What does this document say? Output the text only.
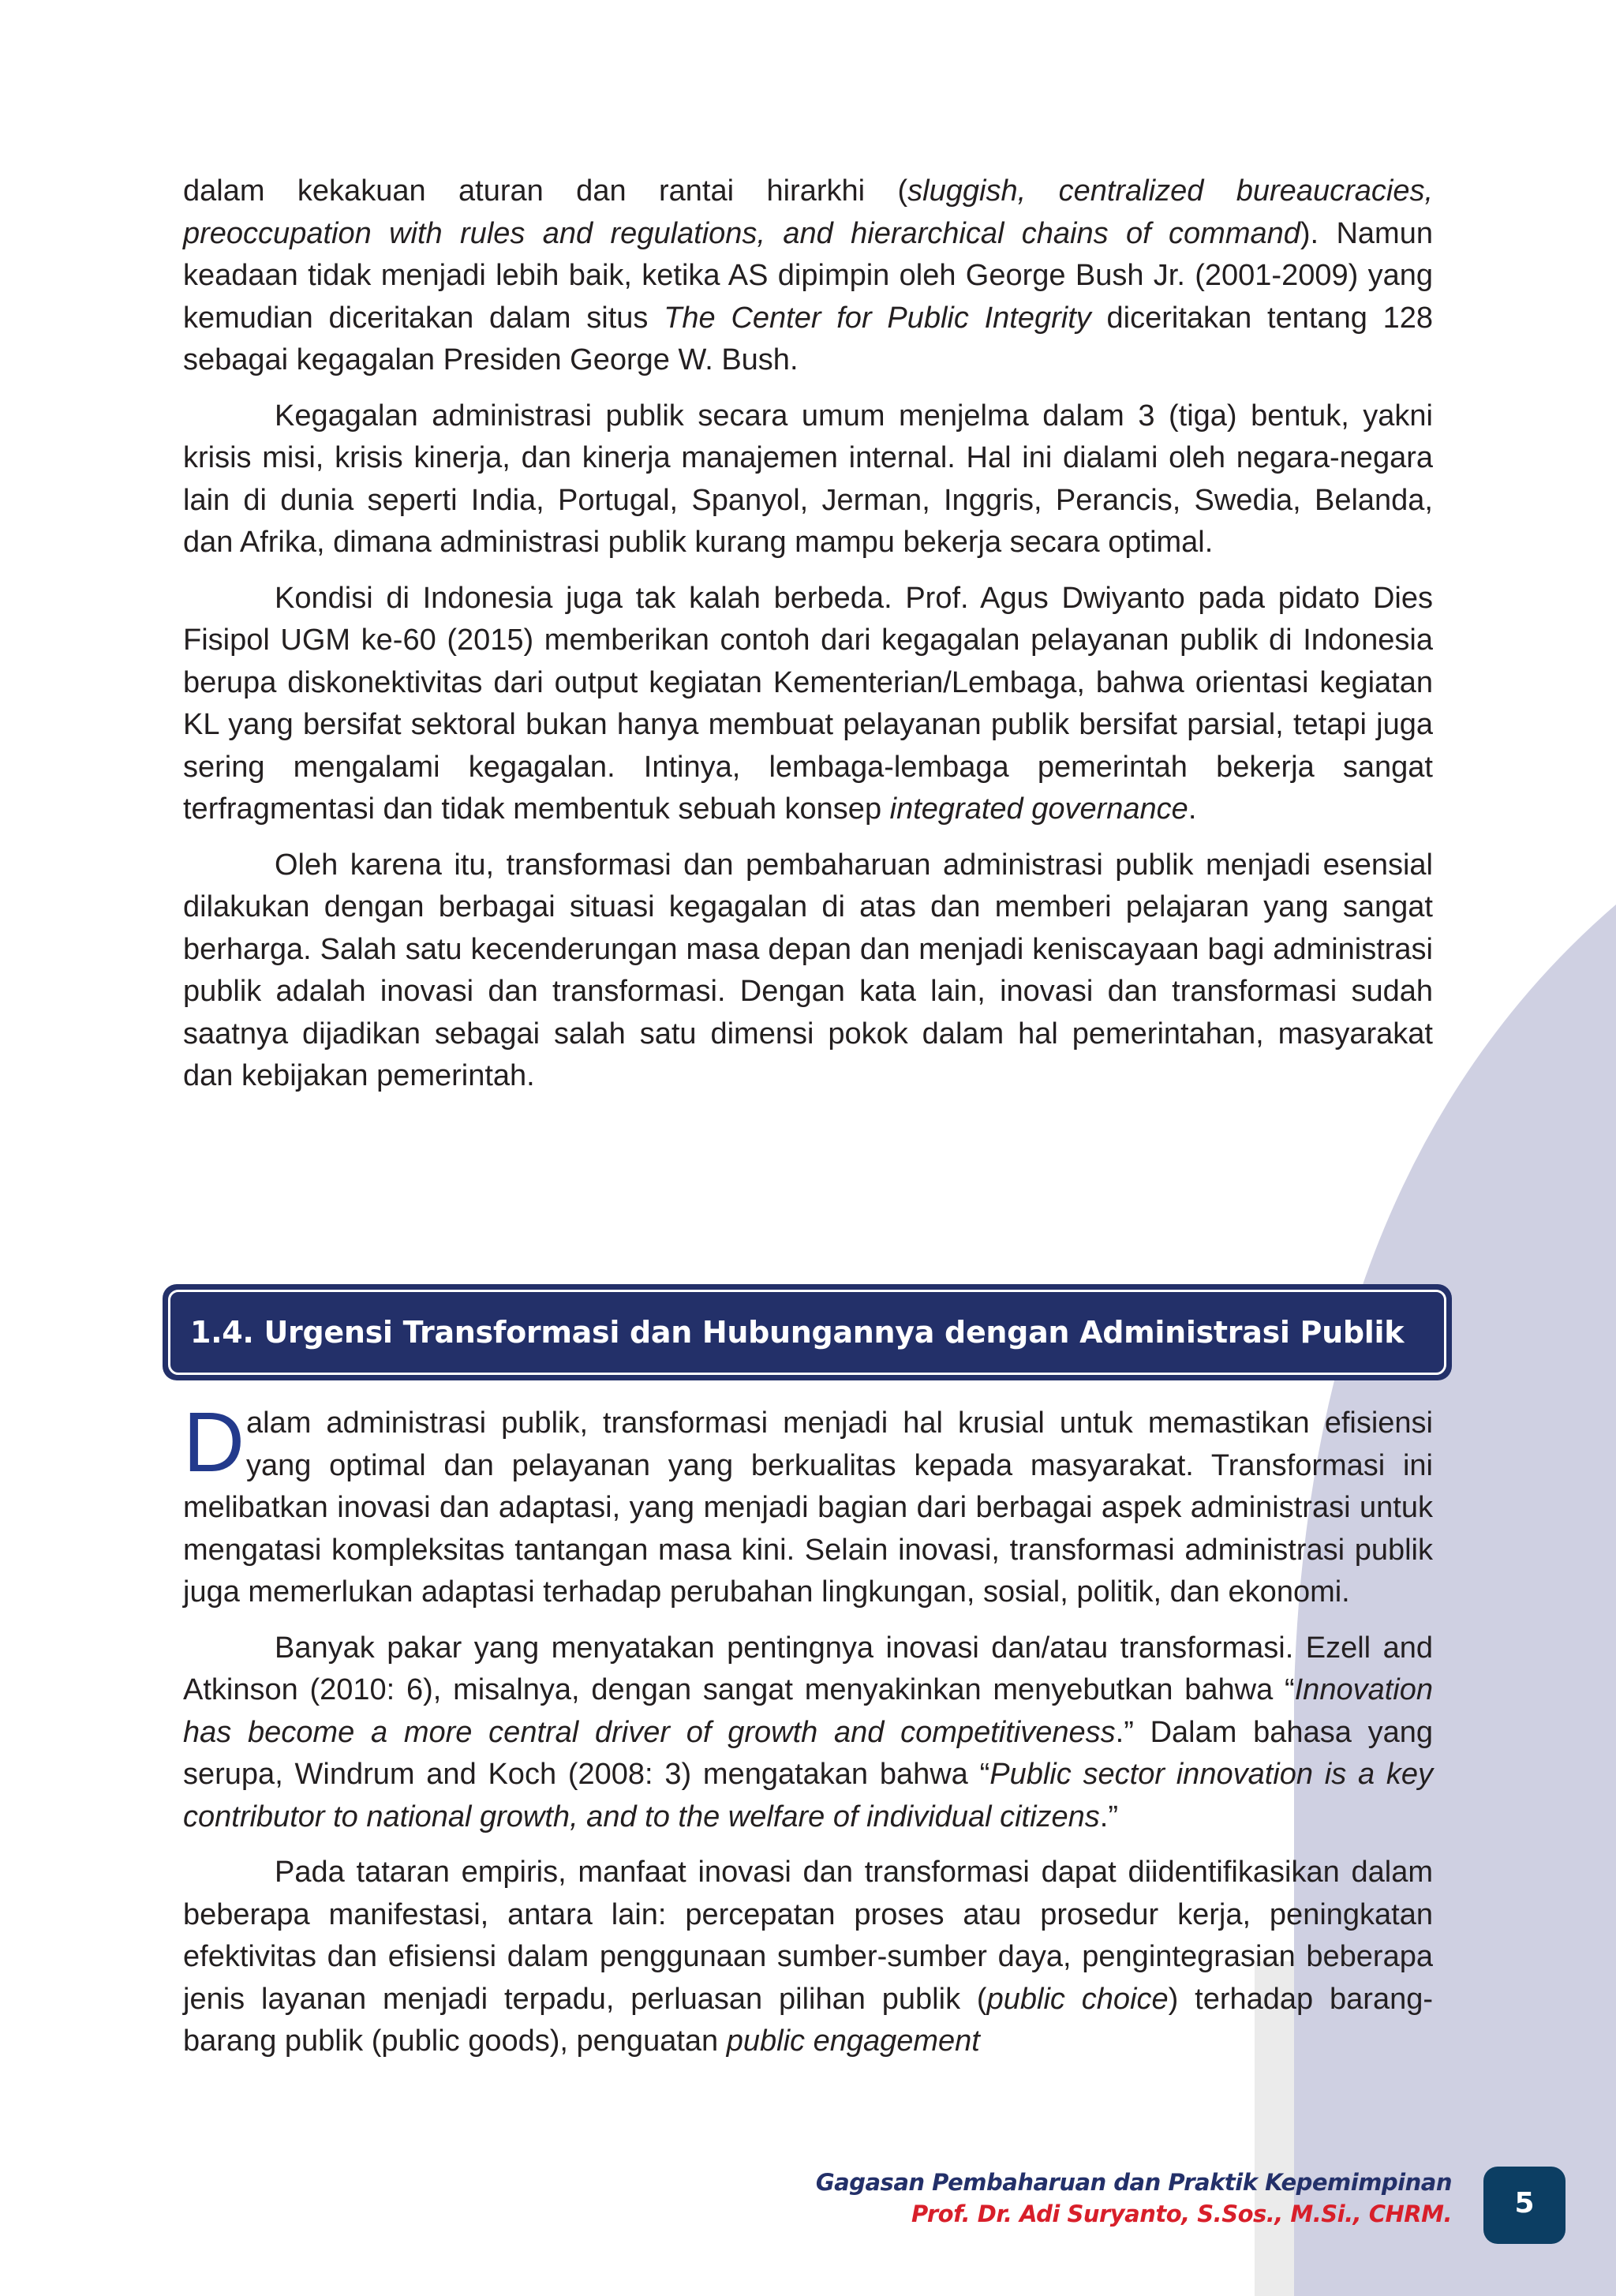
dalam kekakuan aturan dan rantai hirarkhi (sluggish, centralized bureaucracies, preoccupation with rules and regulations, and hierarchical chains of command). Namun keadaan tidak menjadi lebih baik, ketika AS dipimpin oleh George Bush Jr. (2001-2009) yang kemudian diceritakan dalam situs The Center for Public Integrity diceritakan tentang 128 sebagai kegagalan Presiden George W. Bush.

Kegagalan administrasi publik secara umum menjelma dalam 3 (tiga) bentuk, yakni krisis misi, krisis kinerja, dan kinerja manajemen internal. Hal ini dialami oleh negara-negara lain di dunia seperti India, Portugal, Spanyol, Jerman, Inggris, Perancis, Swedia, Belanda, dan Afrika, dimana administrasi publik kurang mampu bekerja secara optimal.

Kondisi di Indonesia juga tak kalah berbeda. Prof. Agus Dwiyanto pada pidato Dies Fisipol UGM ke-60 (2015) memberikan contoh dari kegagalan pelayanan publik di Indonesia berupa diskonektivitas dari output kegiatan Kementerian/Lembaga, bahwa orientasi kegiatan KL yang bersifat sektoral bukan hanya membuat pelayanan publik bersifat parsial, tetapi juga sering mengalami kegagalan. Intinya, lembaga-lembaga pemerintah bekerja sangat terfragmentasi dan tidak membentuk sebuah konsep integrated governance.

Oleh karena itu, transformasi dan pembaharuan administrasi publik menjadi esensial dilakukan dengan berbagai situasi kegagalan di atas dan memberi pelajaran yang sangat berharga. Salah satu kecenderungan masa depan dan menjadi keniscayaan bagi administrasi publik adalah inovasi dan transformasi. Dengan kata lain, inovasi dan transformasi sudah saatnya dijadikan sebagai salah satu dimensi pokok dalam hal pemerintahan, masyarakat dan kebijakan pemerintah.

1.4. Urgensi Transformasi dan Hubungannya dengan Administrasi Publik

Dalam administrasi publik, transformasi menjadi hal krusial untuk memastikan efisiensi yang optimal dan pelayanan yang berkualitas kepada masyarakat. Transformasi ini melibatkan inovasi dan adaptasi, yang menjadi bagian dari berbagai aspek administrasi untuk mengatasi kompleksitas tantangan masa kini. Selain inovasi, transformasi administrasi publik juga memerlukan adaptasi terhadap perubahan lingkungan, sosial, politik, dan ekonomi.

Banyak pakar yang menyatakan pentingnya inovasi dan/atau transformasi. Ezell and Atkinson (2010: 6), misalnya, dengan sangat menyakinkan menyebutkan bahwa “Innovation has become a more central driver of growth and competitiveness.” Dalam bahasa yang serupa, Windrum and Koch (2008: 3) mengatakan bahwa “Public sector innovation is a key contributor to national growth, and to the welfare of individual citizens.”

Pada tataran empiris, manfaat inovasi dan transformasi dapat diidentifikasikan dalam beberapa manifestasi, antara lain: percepatan proses atau prosedur kerja, peningkatan efektivitas dan efisiensi dalam penggunaan sumber-sumber daya, pengintegrasian beberapa jenis layanan menjadi terpadu, perluasan pilihan publik (public choice) terhadap barang-barang publik (public goods), penguatan public engagement

Gagasan Pembaharuan dan Praktik Kepemimpinan
Prof. Dr. Adi Suryanto, S.Sos., M.Si., CHRM. 5
